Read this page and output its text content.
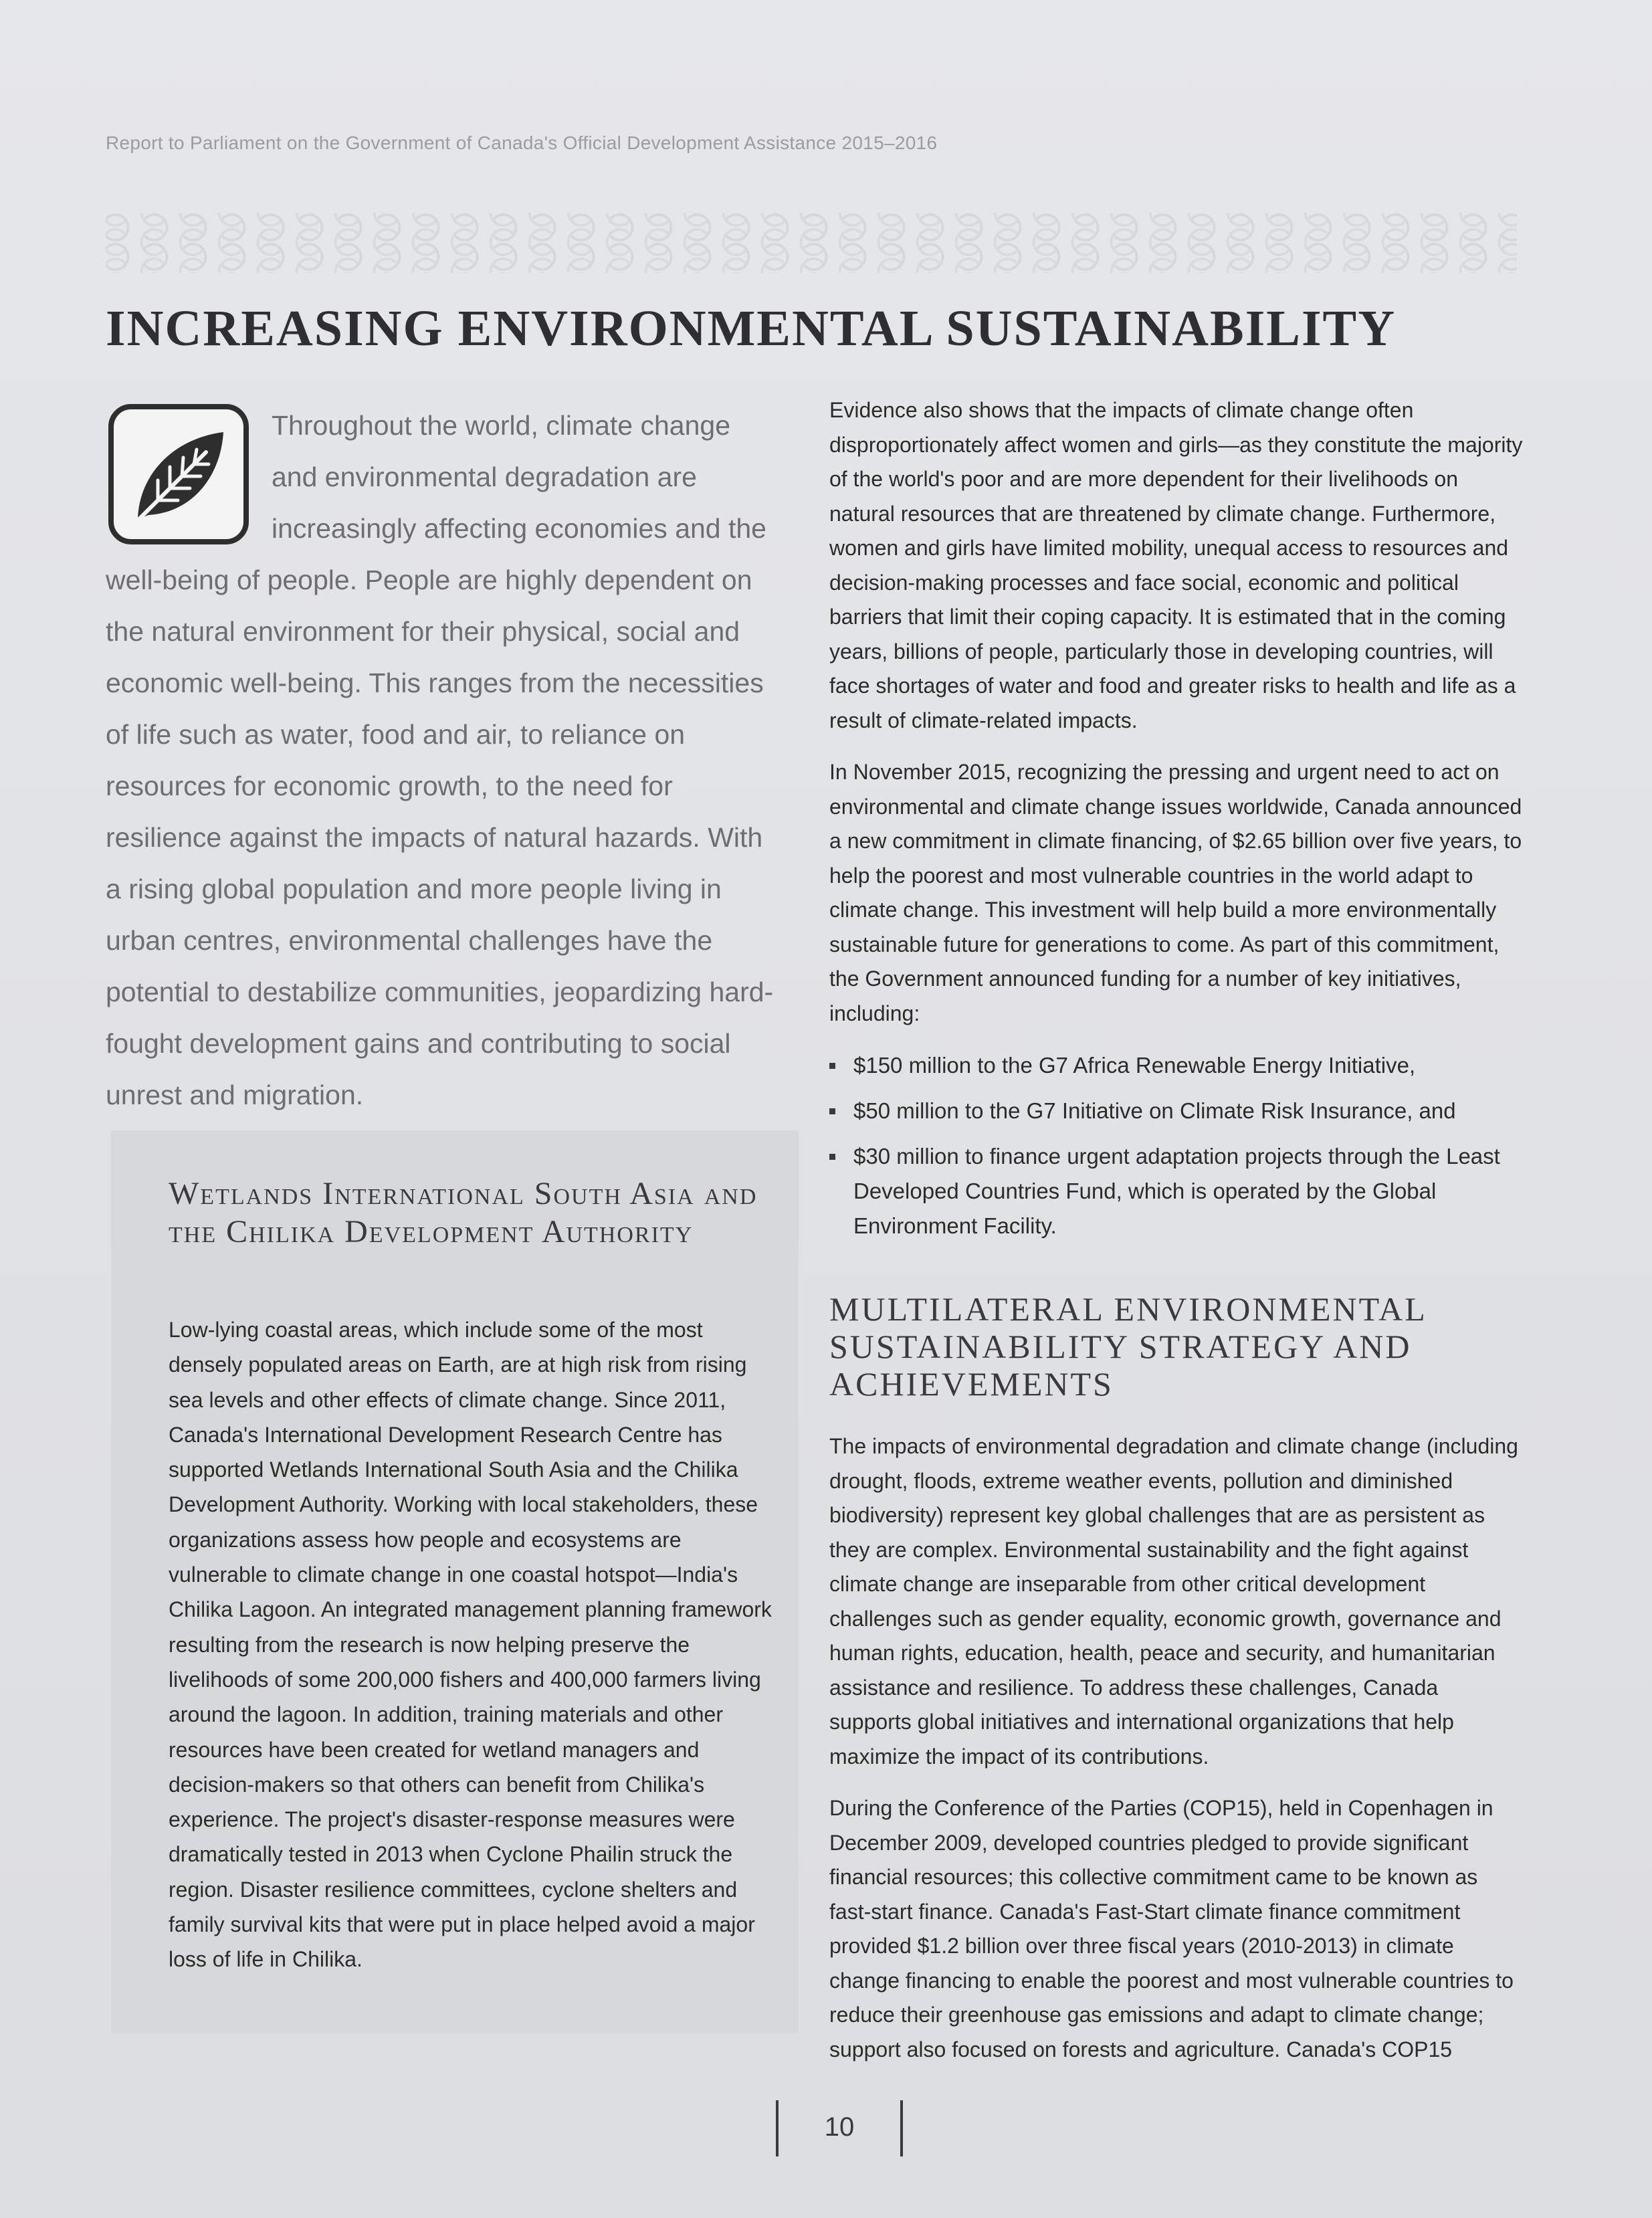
Report to Parliament on the Government of Canada's Official Development Assistance 2015–2016
INCREASING ENVIRONMENTAL SUSTAINABILITY

Throughout the world, climate change and environmental degradation are increasingly affecting economies and the well-being of people. People are highly dependent on the natural environment for their physical, social and economic well-being. This ranges from the necessities of life such as water, food and air, to reliance on resources for economic growth, to the need for resilience against the impacts of natural hazards. With a rising global population and more people living in urban centres, environmental challenges have the potential to destabilize communities, jeopardizing hard-fought development gains and contributing to social unrest and migration.

Wetlands International South Asia and the Chilika Development Authority

Low-lying coastal areas, which include some of the most densely populated areas on Earth, are at high risk from rising sea levels and other effects of climate change. Since 2011, Canada's International Development Research Centre has supported Wetlands International South Asia and the Chilika Development Authority. Working with local stakeholders, these organizations assess how people and ecosystems are vulnerable to climate change in one coastal hotspot—India's Chilika Lagoon. An integrated management planning framework resulting from the research is now helping preserve the livelihoods of some 200,000 fishers and 400,000 farmers living around the lagoon. In addition, training materials and other resources have been created for wetland managers and decision-makers so that others can benefit from Chilika's experience. The project's disaster-response measures were dramatically tested in 2013 when Cyclone Phailin struck the region. Disaster resilience committees, cyclone shelters and family survival kits that were put in place helped avoid a major loss of life in Chilika.

Evidence also shows that the impacts of climate change often disproportionately affect women and girls—as they constitute the majority of the world's poor and are more dependent for their livelihoods on natural resources that are threatened by climate change. Furthermore, women and girls have limited mobility, unequal access to resources and decision-making processes and face social, economic and political barriers that limit their coping capacity. It is estimated that in the coming years, billions of people, particularly those in developing countries, will face shortages of water and food and greater risks to health and life as a result of climate-related impacts.

In November 2015, recognizing the pressing and urgent need to act on environmental and climate change issues worldwide, Canada announced a new commitment in climate financing, of $2.65 billion over five years, to help the poorest and most vulnerable countries in the world adapt to climate change. This investment will help build a more environmentally sustainable future for generations to come. As part of this commitment, the Government announced funding for a number of key initiatives, including:

$150 million to the G7 Africa Renewable Energy Initiative,
$50 million to the G7 Initiative on Climate Risk Insurance, and
$30 million to finance urgent adaptation projects through the Least Developed Countries Fund, which is operated by the Global Environment Facility.
MULTILATERAL ENVIRONMENTAL SUSTAINABILITY STRATEGY AND ACHIEVEMENTS

The impacts of environmental degradation and climate change (including drought, floods, extreme weather events, pollution and diminished biodiversity) represent key global challenges that are as persistent as they are complex. Environmental sustainability and the fight against climate change are inseparable from other critical development challenges such as gender equality, economic growth, governance and human rights, education, health, peace and security, and humanitarian assistance and resilience. To address these challenges, Canada supports global initiatives and international organizations that help maximize the impact of its contributions.

During the Conference of the Parties (COP15), held in Copenhagen in December 2009, developed countries pledged to provide significant financial resources; this collective commitment came to be known as fast-start finance. Canada's Fast-Start climate finance commitment provided $1.2 billion over three fiscal years (2010-2013) in climate change financing to enable the poorest and most vulnerable countries to reduce their greenhouse gas emissions and adapt to climate change; support also focused on forests and agriculture. Canada's COP15

10
